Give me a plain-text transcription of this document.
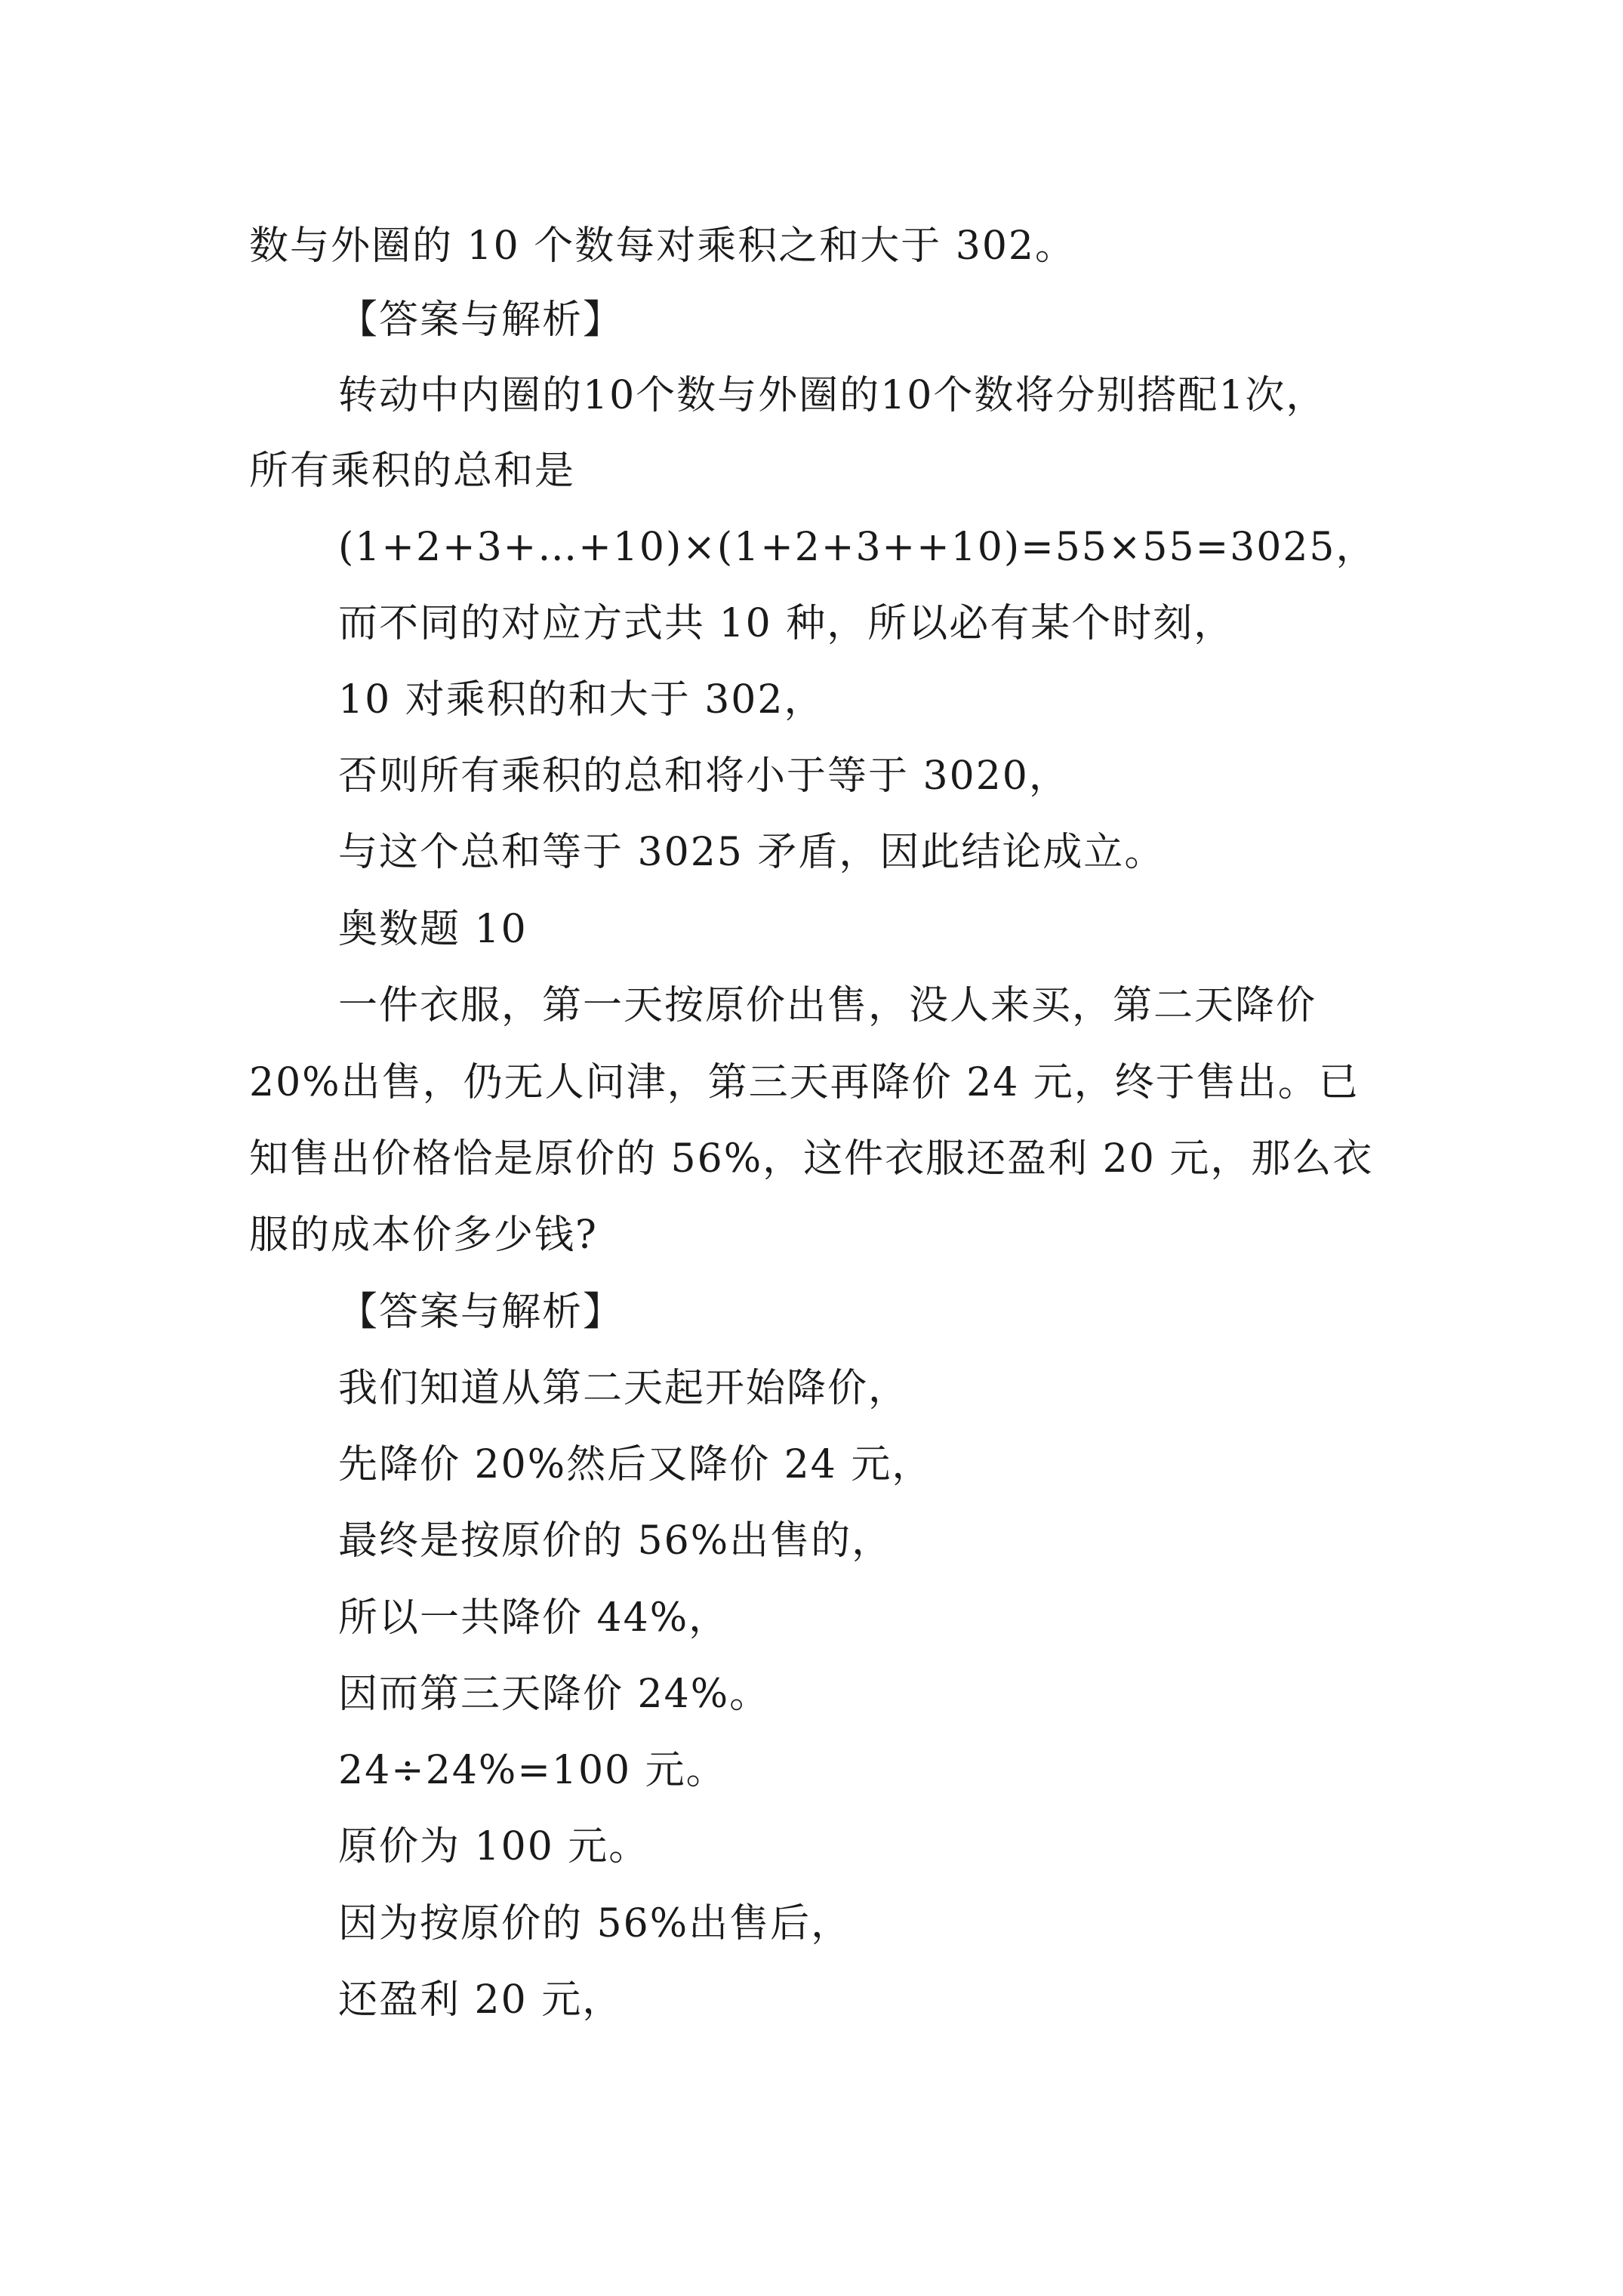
数与外圈的 10 个数每对乘积之和大于 302。
【答案与解析】
转动中内圈的10个数与外圈的10个数将分别搭配1次，
所有乘积的总和是
(1+2+3+…+10)×(1+2+3++10)=55×55=3025，
而不同的对应方式共 10 种，所以必有某个时刻，
10 对乘积的和大于 302，
否则所有乘积的总和将小于等于 3020，
与这个总和等于 3025 矛盾，因此结论成立。
奥数题 10
一件衣服，第一天按原价出售，没人来买，第二天降价
20%出售，仍无人问津，第三天再降价 24 元，终于售出。已
知售出价格恰是原价的 56%，这件衣服还盈利 20 元，那么衣
服的成本价多少钱?
【答案与解析】
我们知道从第二天起开始降价，
先降价 20%然后又降价 24 元，
最终是按原价的 56%出售的，
所以一共降价 44%，
因而第三天降价 24%。
24÷24%=100 元。
原价为 100 元。
因为按原价的 56%出售后，
还盈利 20 元，
